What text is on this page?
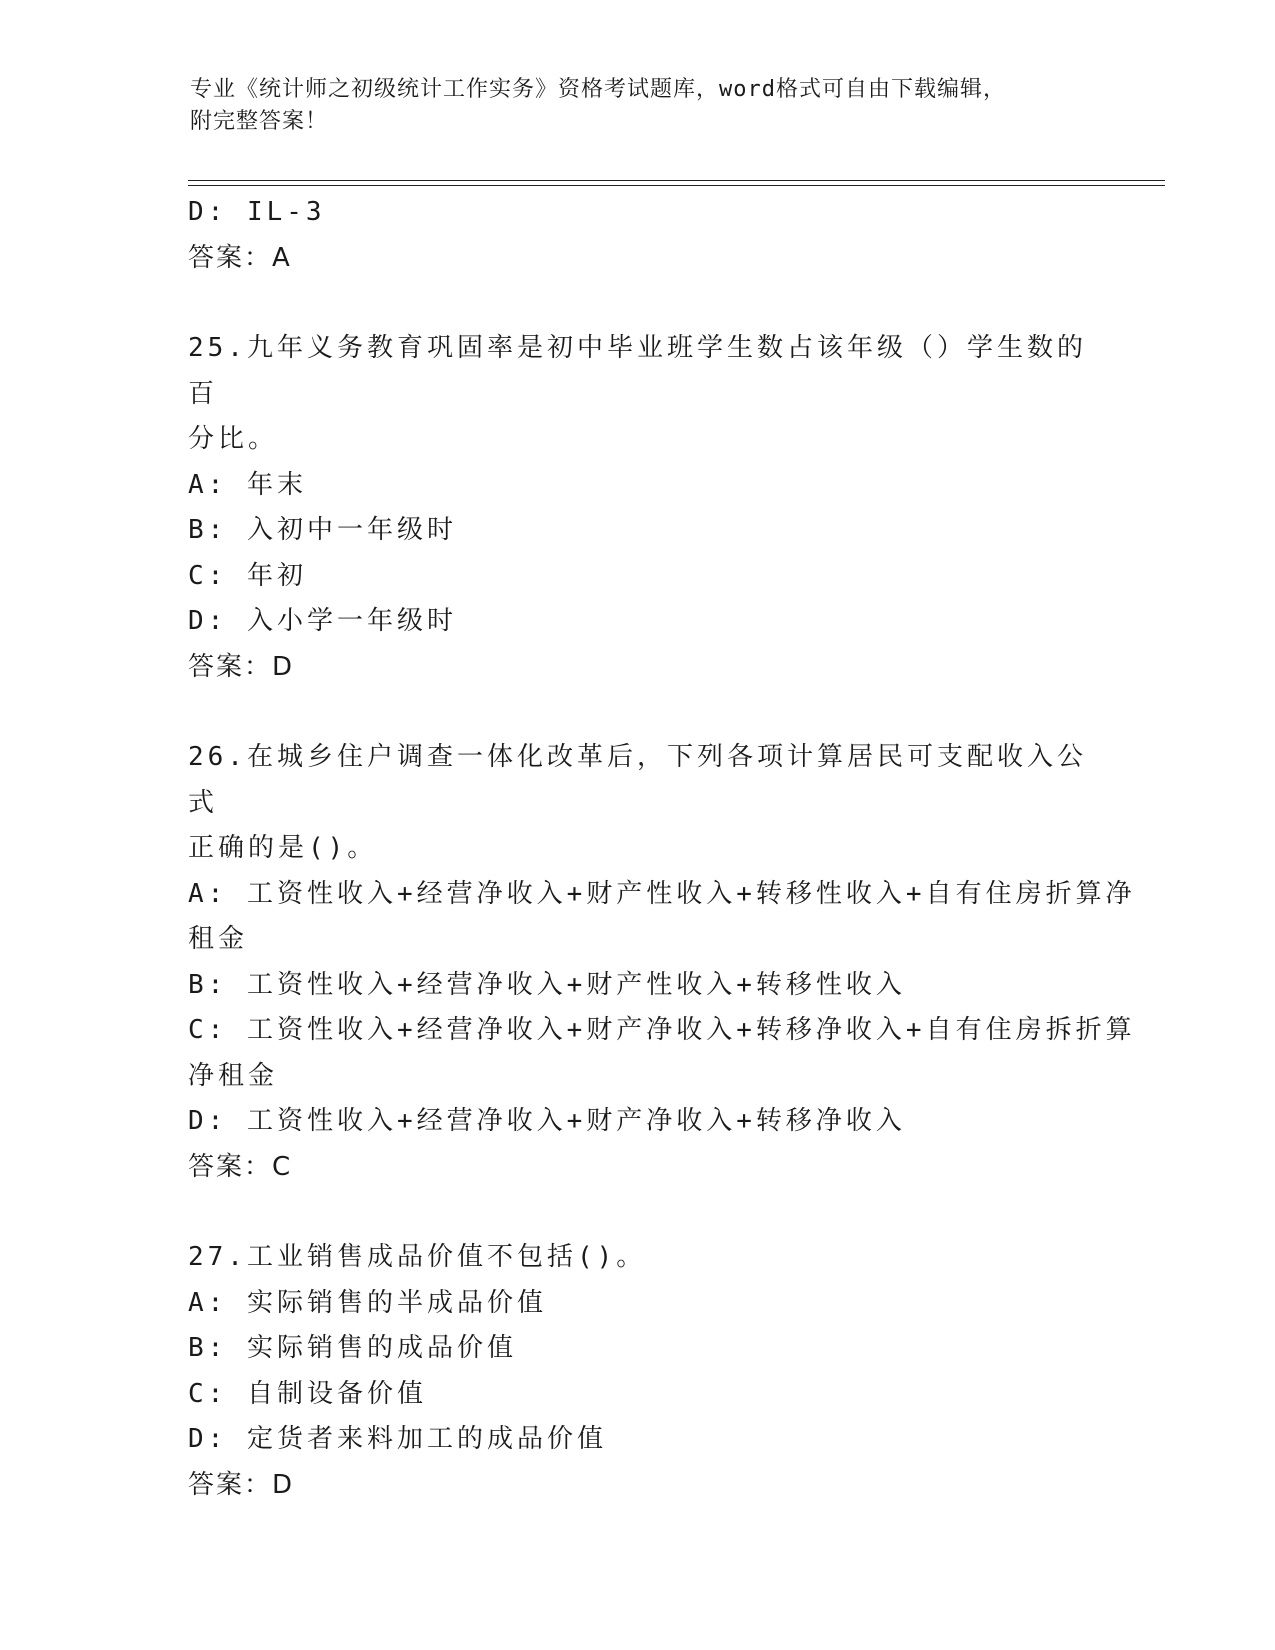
专业《统计师之初级统计工作实务》资格考试题库，word格式可自由下载编辑，
附完整答案！
D: IL-3
答案：A
25.九年义务教育巩固率是初中毕业班学生数占该年级（）学生数的百
分比。
A: 年末
B: 入初中一年级时
C: 年初
D: 入小学一年级时
答案：D
26.在城乡住户调查一体化改革后，下列各项计算居民可支配收入公式
正确的是()。
A: 工资性收入+经营净收入+财产性收入+转移性收入+自有住房折算净
租金
B: 工资性收入+经营净收入+财产性收入+转移性收入
C: 工资性收入+经营净收入+财产净收入+转移净收入+自有住房拆折算
净租金
D: 工资性收入+经营净收入+财产净收入+转移净收入
答案：C
27.工业销售成品价值不包括()。
A: 实际销售的半成品价值
B: 实际销售的成品价值
C: 自制设备价值
D: 定货者来料加工的成品价值
答案：D
